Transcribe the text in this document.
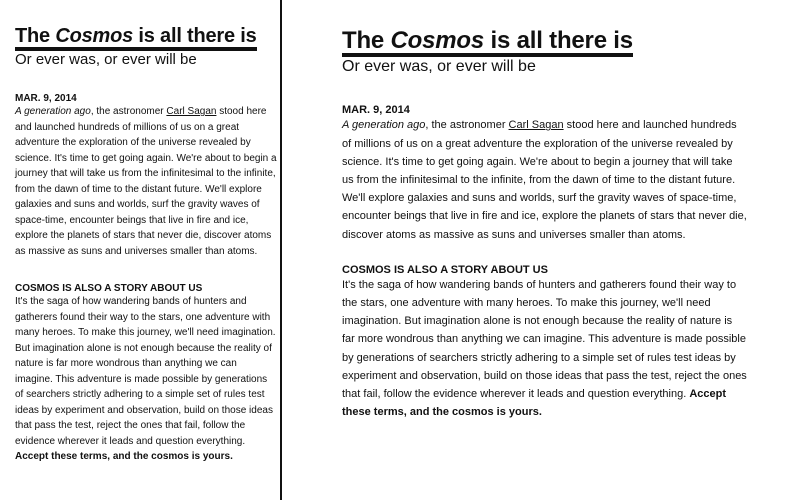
The Cosmos is all there is

Or ever was, or ever will be

MAR. 9, 2014

A generation ago, the astronomer Carl Sagan stood here and launched hundreds of millions of us on a great adventure the exploration of the universe revealed by science. It's time to get going again. We're about to begin a journey that will take us from the infinitesimal to the infinite, from the dawn of time to the distant future. We'll explore galaxies and suns and worlds, surf the gravity waves of space-time, encounter beings that live in fire and ice, explore the planets of stars that never die, discover atoms as massive as suns and universes smaller than atoms.

COSMOS IS ALSO A STORY ABOUT US

It's the saga of how wandering bands of hunters and gatherers found their way to the stars, one adventure with many heroes. To make this journey, we'll need imagination. But imagination alone is not enough because the reality of nature is far more wondrous than anything we can imagine. This adventure is made possible by generations of searchers strictly adhering to a simple set of rules test ideas by experiment and observation, build on those ideas that pass the test, reject the ones that fail, follow the evidence wherever it leads and question everything. Accept these terms, and the cosmos is yours.

The Cosmos is all there is

Or ever was, or ever will be

MAR. 9, 2014

A generation ago, the astronomer Carl Sagan stood here and launched hundreds of millions of us on a great adventure the exploration of the universe revealed by science. It's time to get going again. We're about to begin a journey that will take us from the infinitesimal to the infinite, from the dawn of time to the distant future. We'll explore galaxies and suns and worlds, surf the gravity waves of space-time, encounter beings that live in fire and ice, explore the planets of stars that never die, discover atoms as massive as suns and universes smaller than atoms.

COSMOS IS ALSO A STORY ABOUT US

It's the saga of how wandering bands of hunters and gatherers found their way to the stars, one adventure with many heroes. To make this journey, we'll need imagination. But imagination alone is not enough because the reality of nature is far more wondrous than anything we can imagine. This adventure is made possible by generations of searchers strictly adhering to a simple set of rules test ideas by experiment and observation, build on those ideas that pass the test, reject the ones that fail, follow the evidence wherever it leads and question everything. Accept these terms, and the cosmos is yours.
